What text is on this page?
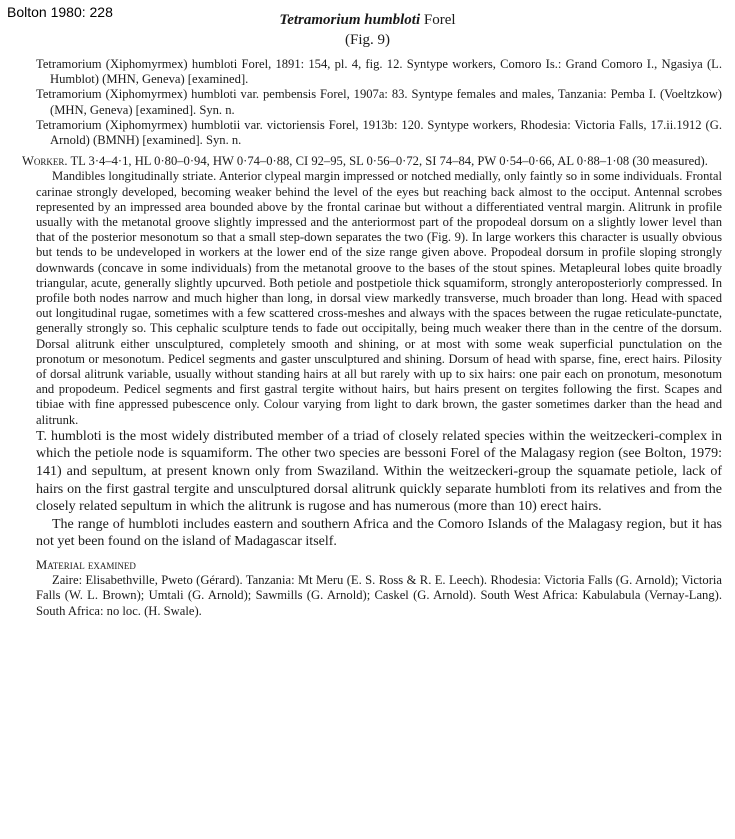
Bolton 1980: 228	Tetramorium humbloti Forel
(Fig. 9)

Tetramorium (Xiphomyrmex) humbloti Forel, 1891: 154, pl. 4, fig. 12. Syntype workers, Comoro Is.: Grand Comoro I., Ngasiya (L. Humblot) (MHN, Geneva) [examined].

Tetramorium (Xiphomyrmex) humbloti var. pembensis Forel, 1907a: 83. Syntype females and males, Tanzania: Pemba I. (Voeltzkow) (MHN, Geneva) [examined]. Syn. n.

Tetramorium (Xiphomyrmex) humblotii var. victoriensis Forel, 1913b: 120. Syntype workers, Rhodesia: Victoria Falls, 17.ii.1912 (G. Arnold) (BMNH) [examined]. Syn. n.

Worker. TL 3·4–4·1, HL 0·80–0·94, HW 0·74–0·88, CI 92–95, SL 0·56–0·72, SI 74–84, PW 0·54–0·66, AL 0·88–1·08 (30 measured).

Mandibles longitudinally striate. Anterior clypeal margin impressed or notched medially, only faintly so in some individuals. Frontal carinae strongly developed, becoming weaker behind the level of the eyes but reaching back almost to the occiput. Antennal scrobes represented by an impressed area bounded above by the frontal carinae but without a differentiated ventral margin. Alitrunk in profile usually with the metanotal groove slightly impressed and the anteriormost part of the propodeal dorsum on a slightly lower level than that of the posterior mesonotum so that a small step-down separates the two (Fig. 9). In large workers this character is usually obvious but tends to be undeveloped in workers at the lower end of the size range given above. Propodeal dorsum in profile sloping strongly downwards (concave in some individuals) from the metanotal groove to the bases of the stout spines. Metapleural lobes quite broadly triangular, acute, generally slightly upcurved. Both petiole and postpetiole thick squamiform, strongly anteroposteriorly compressed. In profile both nodes narrow and much higher than long, in dorsal view markedly transverse, much broader than long. Head with spaced out longitudinal rugae, sometimes with a few scattered cross-meshes and always with the spaces between the rugae reticulate-punctate, generally strongly so. This cephalic sculpture tends to fade out occipitally, being much weaker there than in the centre of the dorsum. Dorsal alitrunk either unsculptured, completely smooth and shining, or at most with some weak superficial punctulation on the pronotum or mesonotum. Pedicel segments and gaster unsculptured and shining. Dorsum of head with sparse, fine, erect hairs. Pilosity of dorsal alitrunk variable, usually without standing hairs at all but rarely with up to six hairs: one pair each on pronotum, mesonotum and propodeum. Pedicel segments and first gastral tergite without hairs, but hairs present on tergites following the first. Scapes and tibiae with fine appressed pubescence only. Colour varying from light to dark brown, the gaster sometimes darker than the head and alitrunk.

T. humbloti is the most widely distributed member of a triad of closely related species within the weitzeckeri-complex in which the petiole node is squamiform. The other two species are bessoni Forel of the Malagasy region (see Bolton, 1979: 141) and sepultum, at present known only from Swaziland. Within the weitzeckeri-group the squamate petiole, lack of hairs on the first gastral tergite and unsculptured dorsal alitrunk quickly separate humbloti from its relatives and from the closely related sepultum in which the alitrunk is rugose and has numerous (more than 10) erect hairs.

The range of humbloti includes eastern and southern Africa and the Comoro Islands of the Malagasy region, but it has not yet been found on the island of Madagascar itself.

Material examined

Zaire: Elisabethville, Pweto (Gérard). Tanzania: Mt Meru (E. S. Ross & R. E. Leech). Rhodesia: Victoria Falls (G. Arnold); Victoria Falls (W. L. Brown); Umtali (G. Arnold); Sawmills (G. Arnold); Caskel (G. Arnold). South West Africa: Kabulabula (Vernay-Lang). South Africa: no loc. (H. Swale).
